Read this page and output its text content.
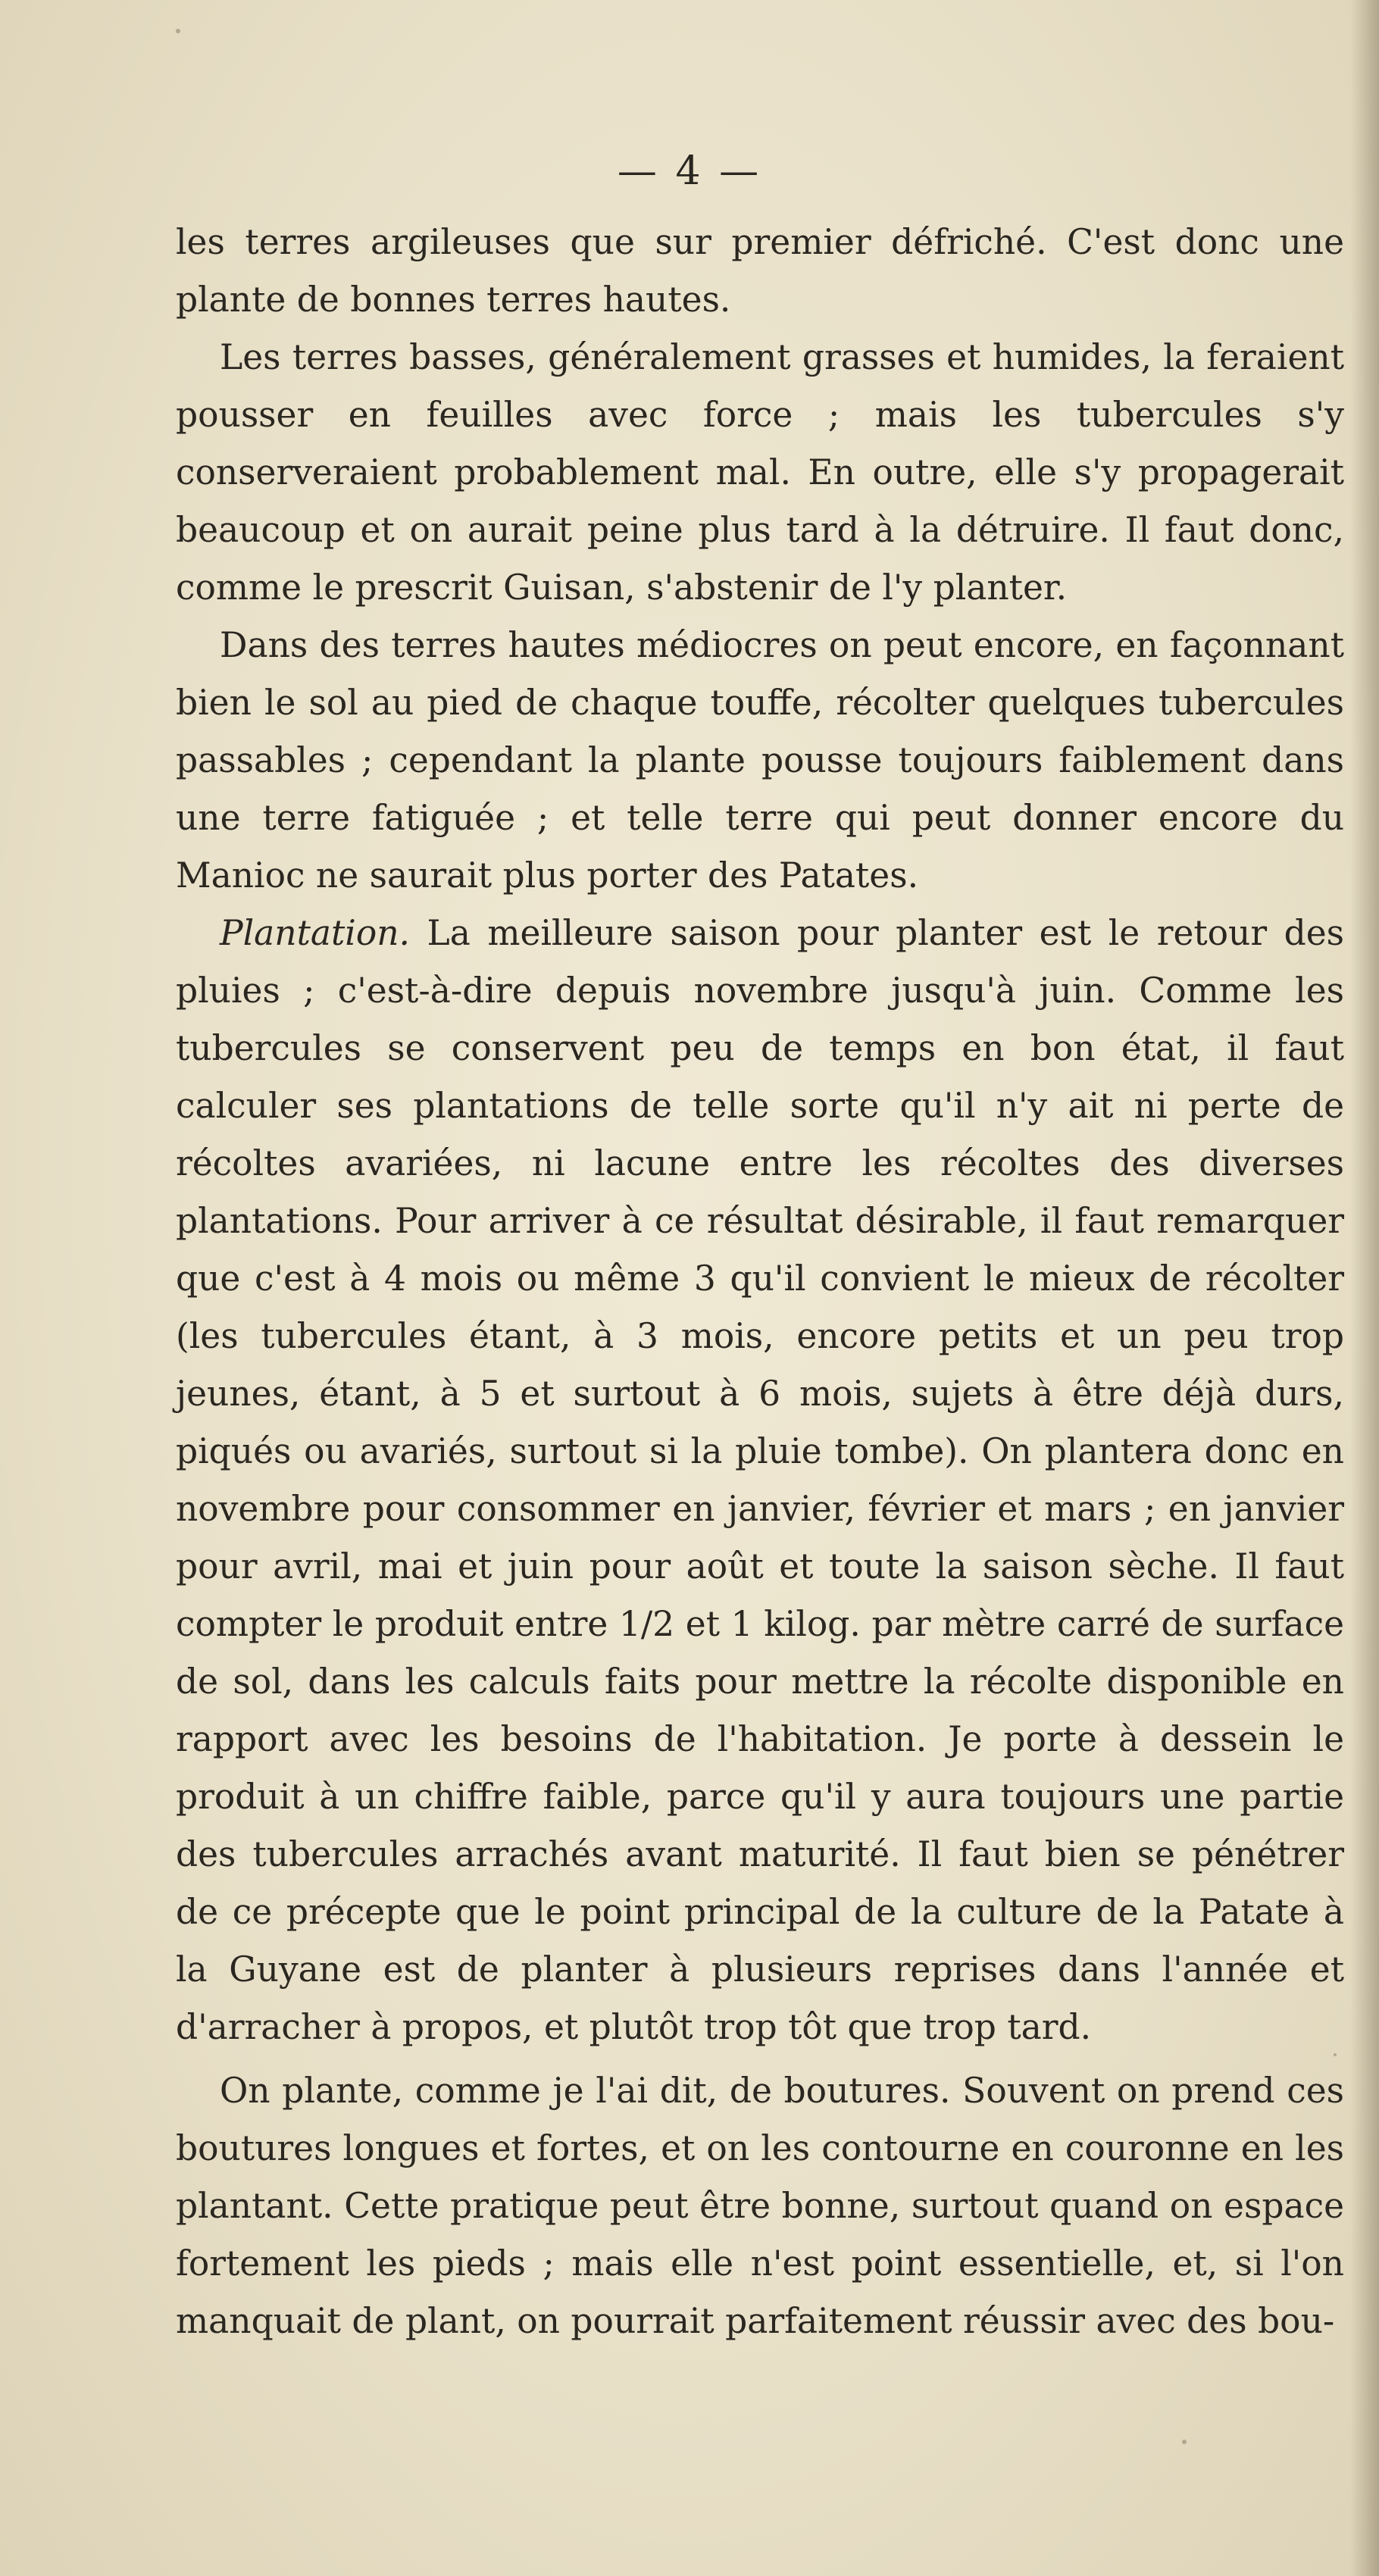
— 4 —

les terres argileuses que sur premier défriché. C'est donc une plante de bonnes terres hautes.

Les terres basses, généralement grasses et humides, la feraient pousser en feuilles avec force ; mais les tubercules s'y conserveraient probablement mal. En outre, elle s'y propagerait beaucoup et on aurait peine plus tard à la détruire. Il faut donc, comme le prescrit Guisan, s'abstenir de l'y planter.

Dans des terres hautes médiocres on peut encore, en façonnant bien le sol au pied de chaque touffe, récolter quelques tubercules passables ; cependant la plante pousse toujours faiblement dans une terre fatiguée ; et telle terre qui peut donner encore du Manioc ne saurait plus porter des Patates.

Plantation. La meilleure saison pour planter est le retour des pluies ; c'est-à-dire depuis novembre jusqu'à juin. Comme les tubercules se conservent peu de temps en bon état, il faut calculer ses plantations de telle sorte qu'il n'y ait ni perte de récoltes avariées, ni lacune entre les récoltes des diverses plantations. Pour arriver à ce résultat désirable, il faut remarquer que c'est à 4 mois ou même 3 qu'il convient le mieux de récolter (les tubercules étant, à 3 mois, encore petits et un peu trop jeunes, étant, à 5 et surtout à 6 mois, sujets à être déjà durs, piqués ou avariés, surtout si la pluie tombe). On plantera donc en novembre pour consommer en janvier, février et mars ; en janvier pour avril, mai et juin pour août et toute la saison sèche. Il faut compter le produit entre 1/2 et 1 kilog. par mètre carré de surface de sol, dans les calculs faits pour mettre la récolte disponible en rapport avec les besoins de l'habitation. Je porte à dessein le produit à un chiffre faible, parce qu'il y aura toujours une partie des tubercules arrachés avant maturité. Il faut bien se pénétrer de ce précepte que le point principal de la culture de la Patate à la Guyane est de planter à plusieurs reprises dans l'année et d'arracher à propos, et plutôt trop tôt que trop tard.

On plante, comme je l'ai dit, de boutures. Souvent on prend ces boutures longues et fortes, et on les contourne en couronne en les plantant. Cette pratique peut être bonne, surtout quand on espace fortement les pieds ; mais elle n'est point essentielle, et, si l'on manquait de plant, on pourrait parfaitement réussir avec des bou-
